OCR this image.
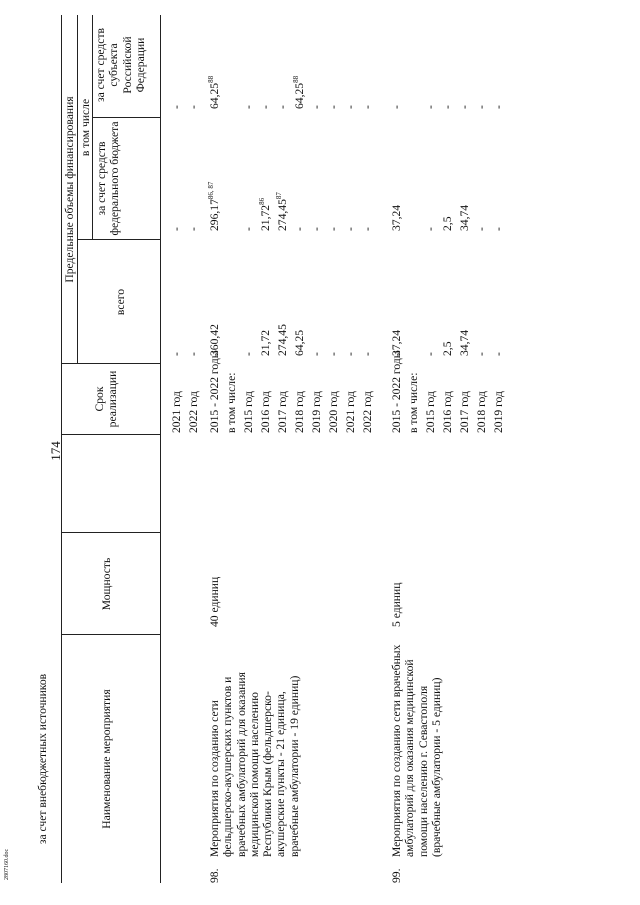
174
Наименование мероприятия
Мощность
Срок реализации
Предельные объемы финансирования в том числе
всего
за счет средств федерального бюджета
за счет средств субъекта Российской Федерации
за счет внебюджетных источников
2021 год
-
-
-
2022 год
-
-
-
98.
Мероприятия по созданию сети фельдшерско-акушерских пунктов и врачебных амбулаторий для оказания медицинской помощи населению Республики Крым (фельдшерско-акушерские пункты - 21 единица, врачебные амбулатории - 19 единиц)
40 единиц
2015 - 2022 годы
360,42
296,17$^{86, 87}$
64,25$^{88}$
в том числе: 2015 год
-
-
-
2016 год
21,72
21,72$^{86}$
-
2017 год
274,45
274,45$^{87}$
-
2018 год
64,25
-
64,25$^{88}$
2019 год
-
-
-
2020 год
-
-
-
2021 год
-
-
-
2022 год
-
-
-
99.
Мероприятия по созданию сети врачебных амбулаторий для оказания медицинской помощи населению г. Севастополя (врачебные амбулатории - 5 единиц)
5 единиц
2015 - 2022 годы
37,24
37,24
-
в том числе: 2015 год
-
-
-
2016 год
2,5
2,5
-
2017 год
34,74
34,74
-
2018 год
-
-
-
2019 год
-
-
-
2807160.doc
